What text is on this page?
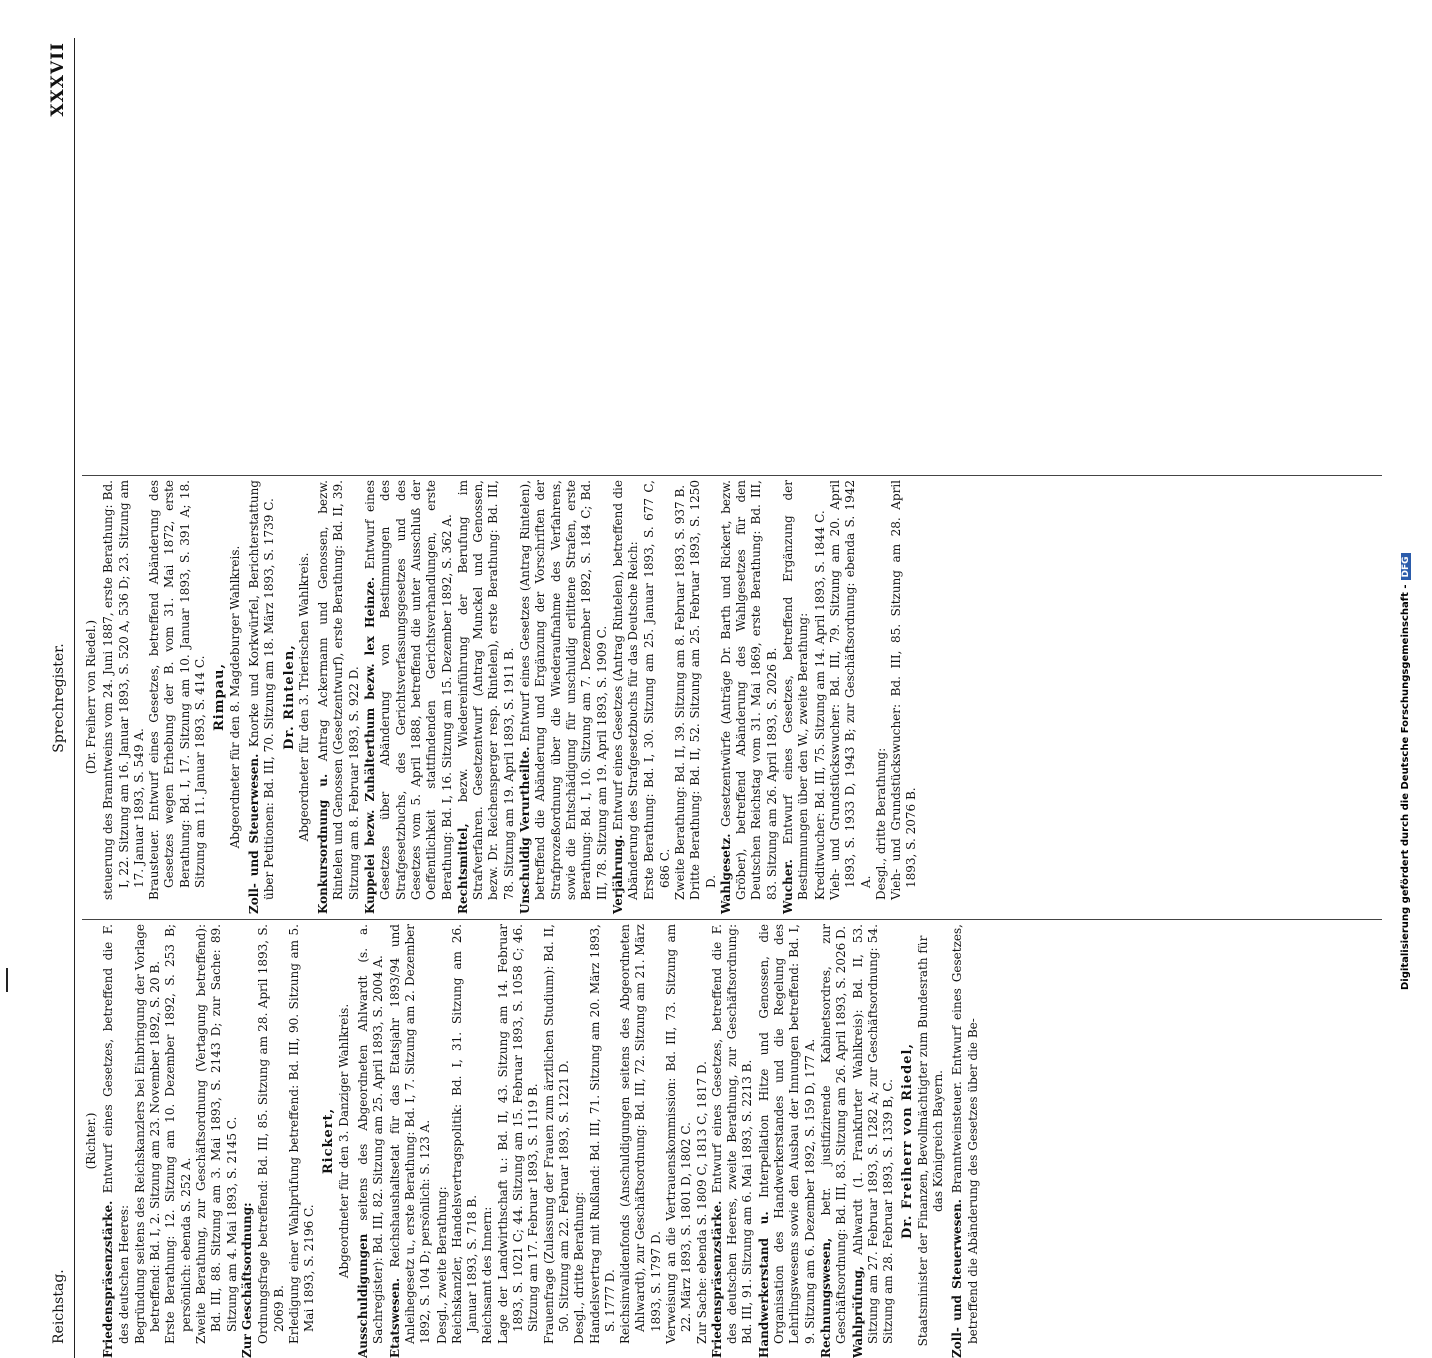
Reichstag.
Sprechregister.
XXXVII
(Richter.)
Friedenspräsenzstärke. Entwurf eines Gesetzes, betreffend die F. des deutschen Heeres: Begründung seitens des Reichskanzlers bei Einbringung der Vorlage betreffend: Bd. I, 2. Sitzung am 23. November 1892, S. 20 B. Erste Berathung: 12. Sitzung am 10. Dezember 1892, S. 253 B; persönlich: ebenda S. 252 A. Zweite Berathung, zur Geschäftsordnung (Vertagung betreffend): Bd. III, 88. Sitzung am 3. Mai 1893, S. 2143 D; zur Sache: 89. Sitzung am 4. Mai 1893, S. 2145 C. Zur Geschäftsordnung: Ordnungsfrage betreffend: Bd. III, 85. Sitzung am 28. April 1893, S. 2069 B. Erledigung einer Wahlprüfung betreffend: Bd. III, 90. Sitzung am 5. Mai 1893, S. 2196 C.
Rickert, Abgeordneter für den 3. Danziger Wahlkreis.
Ausschuldigungen seitens des Abgeordneten Ahlwardt (s. a. Sachregister): Bd. III, 82. Sitzung am 25. April 1893, S. 2004 A. Etatswesen. Reichshaushaltsetat für das Etatsjahr 1893/94 und Anleihegesetz u., erste Berathung: Bd. I, 7. Sitzung am 2. Dezember 1892, S. 104 D; persönlich: S. 123 A. Desgl., zweite Berathung: Reichskanzler, Handelsvertragspolitik: Bd. I, 31. Sitzung am 26. Januar 1893, S. 718 B. Reichsamt des Innern: Lage der Landwirthschaft u.: Bd. II, 43. Sitzung am 14. Februar 1893, S. 1021 C; 44. Sitzung am 15. Februar 1893, S. 1058 C; 46. Sitzung am 17. Februar 1893, S. 1119 B. Frauenfrage (Zulassung der Frauen zum ärztlichen Studium): Bd. II, 50. Sitzung am 22. Februar 1893, S. 1221 D. Desgl., dritte Berathung: Handelsvertrag mit Rußland: Bd. III, 71. Sitzung am 20. März 1893, S. 1777 D. Reichsinvalidenfonds (Anschuldigungen seitens des Abgeordneten Ahlwardt), zur Geschäftsordnung: Bd. III, 72. Sitzung am 21. März 1893, S. 1797 D. Verweisung an die Vertrauenskommission: Bd. III, 73. Sitzung am 22. März 1893, S. 1801 D, 1802 C. Zur Sache: ebenda S. 1809 C, 1813 C, 1817 D. Friedenspräsenzstärke. Entwurf eines Gesetzes, betreffend die F. des deutschen Heeres, zweite Berathung, zur Geschäftsordnung: Bd. III, 91. Sitzung am 6. Mai 1893, S. 2213 B. Handwerkerstand u. Interpellation Hitze und Genossen, die Organisation des Handwerkerstandes und die Regelung des Lehrlingswesens sowie den Ausbau der Innungen betreffend: Bd. I, 9. Sitzung am 6. Dezember 1892, S. 159 D, 177 A. Rechnungswesen, betr. justifizirende Kabinetsordres, zur Geschäftsordnung: Bd. III, 83. Sitzung am 26. April 1893, S. 2026 D. Wahlprüfung, Ahlwardt (1. Frankfurter Wahlkreis): Bd. II, 53. Sitzung am 27. Februar 1893, S. 1282 A; zur Geschäftsordnung: 54. Sitzung am 28. Februar 1893, S. 1339 B, C. Dr. Freiherr von Riedel, Staatsminister der Finanzen, Bevollmächtigter zum Bundesrath für das Königreich Bayern.
Zoll- und Steuerwesen. Branntweinsteuer. Entwurf eines Gesetzes, betreffend die Abänderung des Gesetzes über die Be-
(Dr. Freiherr von Riedel.) steuerung des Branntweins vom 24. Juni 1887, erste Berathung: Bd. I, 22. Sitzung am 16. Januar 1893, S. 520 A, 536 D; 23. Sitzung am 17. Januar 1893, S. 549 A. Brausteuer. Entwurf eines Gesetzes, betreffend Abänderung des Gesetzes wegen Erhebung der B. vom 31. Mai 1872, erste Berathung: Bd. I, 17. Sitzung am 10. Januar 1893, S. 391 A; 18. Sitzung am 11. Januar 1893, S. 414 C. Rimpau, Abgeordneter für den 8. Magdeburger Wahlkreis. Zoll- und Steuerwesen. Knorke und Korkwürfel, Berichterstattung über Petitionen: Bd. III, 70. Sitzung am 18. März 1893, S. 1739 C. Dr. Rintelen, Abgeordneter für den 3. Trierischen Wahlkreis.
Konkursordnung u. Antrag Ackermann und Genossen, bezw. Rintelen und Genossen (Gesetzentwurf), erste Berathung: Bd. II, 39. Sitzung am 8. Februar 1893, S. 922 D. Kuppelei bezw. Zuhälterthum bezw. lex Heinze. Entwurf eines Gesetzes über Abänderung von Bestimmungen des Strafgesetzbuchs, des Gerichtsverfassungsgesetzes und des Gesetzes vom 5. April 1888, betreffend die unter Ausschluß der Oeffentlichkeit stattfindenden Gerichtsverhandlungen, erste Berathung: Bd. I, 16. Sitzung am 15. Dezember 1892, S. 362 A. Rechtsmittel, bezw. Wiedereinführung der Berufung im Strafverfahren. Gesetzentwurf (Antrag Munckel und Genossen, bezw. Dr. Reichensperger resp. Rintelen), erste Berathung: Bd. III, 78. Sitzung am 19. April 1893, S. 1911 B. Unschuldig Verurtheilte. Entwurf eines Gesetzes (Antrag Rintelen), betreffend die Abänderung und Ergänzung der Vorschriften der Strafprozeßordnung über die Wiederaufnahme des Verfahrens, sowie die Entschädigung für unschuldig erlittene Strafen, erste Berathung: Bd. I, 10. Sitzung am 7. Dezember 1892, S. 184 C; Bd. III, 78. Sitzung am 19. April 1893, S. 1909 C. Verjährung. Entwurf eines Gesetzes (Antrag Rintelen), betreffend die Abänderung des Strafgesetzbuchs für das Deutsche Reich: Erste Berathung: Bd. I, 30. Sitzung am 25. Januar 1893, S. 677 C, 686 C. Zweite Berathung: Bd. II, 39. Sitzung am 8. Februar 1893, S. 937 B. Dritte Berathung: Bd. II, 52. Sitzung am 25. Februar 1893, S. 1250 D. Wahlgesetz. Gesetzentwürfe (Anträge Dr. Barth und Rickert, bezw. Gröber), betreffend Abänderung des Wahlgesetzes für den Deutschen Reichstag vom 31. Mai 1869, erste Berathung: Bd. III, 83. Sitzung am 26. April 1893, S. 2026 B. Wucher. Entwurf eines Gesetzes, betreffend Ergänzung der Bestimmungen über den W., zweite Berathung: Kreditwucher: Bd. III, 75. Sitzung am 14. April 1893, S. 1844 C. Vieh- und Grundstückswucher: Bd. III, 79. Sitzung am 20. April 1893, S. 1933 D, 1943 B; zur Geschäftsordnung: ebenda S. 1942 A. Desgl., dritte Berathung: Vieh- und Grundstückswucher: Bd. III, 85. Sitzung am 28. April 1893, S. 2076 B.	Digitalisierung gefördert durch die Deutsche Forschungsgemeinschaft -DFG
